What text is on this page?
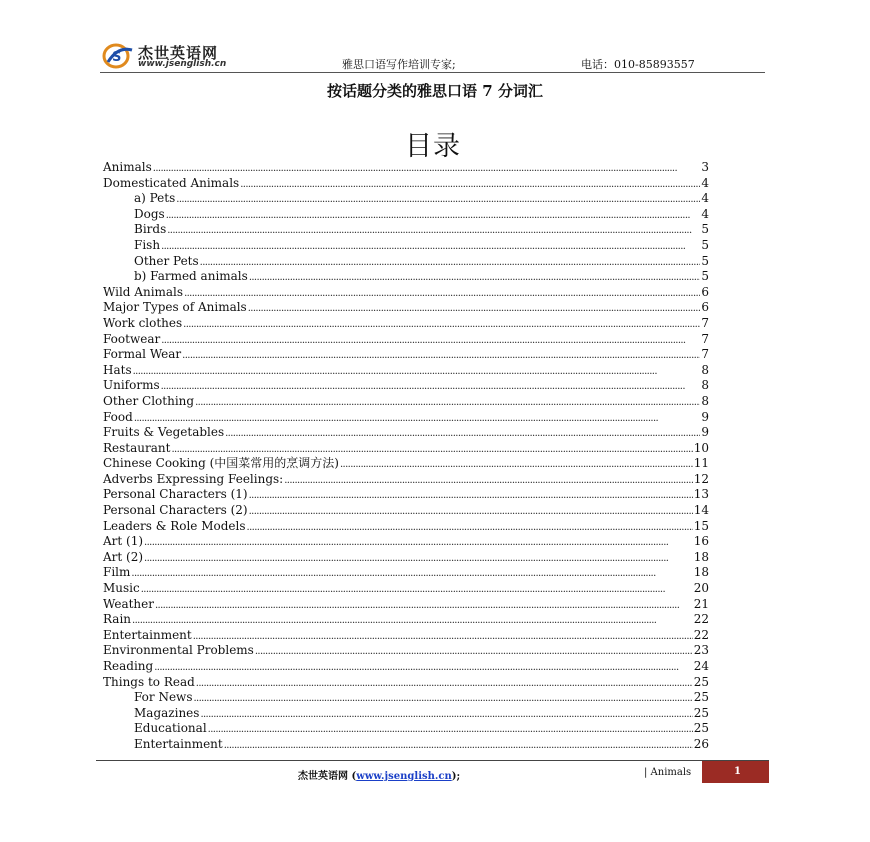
S 杰世英语网
www.jsenglish.cn	雅思口语写作培训专家;	电话：010-85893557
按话题分类的雅思口语 7 分词汇
目录
Animals . . .	3
Domesticated Animals . . .	4
a) Pets . . .	4
Dogs . . .	4
Birds . . .	5
Fish . . .	5
Other Pets . . .	5
b) Farmed animals . . .	5
Wild Animals . . .	6
Major Types of Animals . . .	6
Work clothes . . .	7
Footwear . . .	7
Formal Wear . . .	7
Hats . . .	8
Uniforms . . .	8
Other Clothing . . .	8
Food . . .	9
Fruits & Vegetables . . .	9
Restaurant . . .	10
Chinese Cooking (中国菜常用的烹调方法) . . .	11
Adverbs Expressing Feelings: . . .	12
Personal Characters (1) . . .	13
Personal Characters (2) . . .	14
Leaders & Role Models . . .	15
Art (1) . . .	16
Art (2) . . .	18
Film . . .	18
Music . . .	20
Weather . . .	21
Rain . . .	22
Entertainment . . .	22
Environmental Problems . . .	23
Reading . . .	24
Things to Read . . .	25
For News . . .	25
Magazines . . .	25
Educational . . .	25
Entertainment . . .	26
杰世英语网 (www.jsenglish.cn);	| Animals	1
